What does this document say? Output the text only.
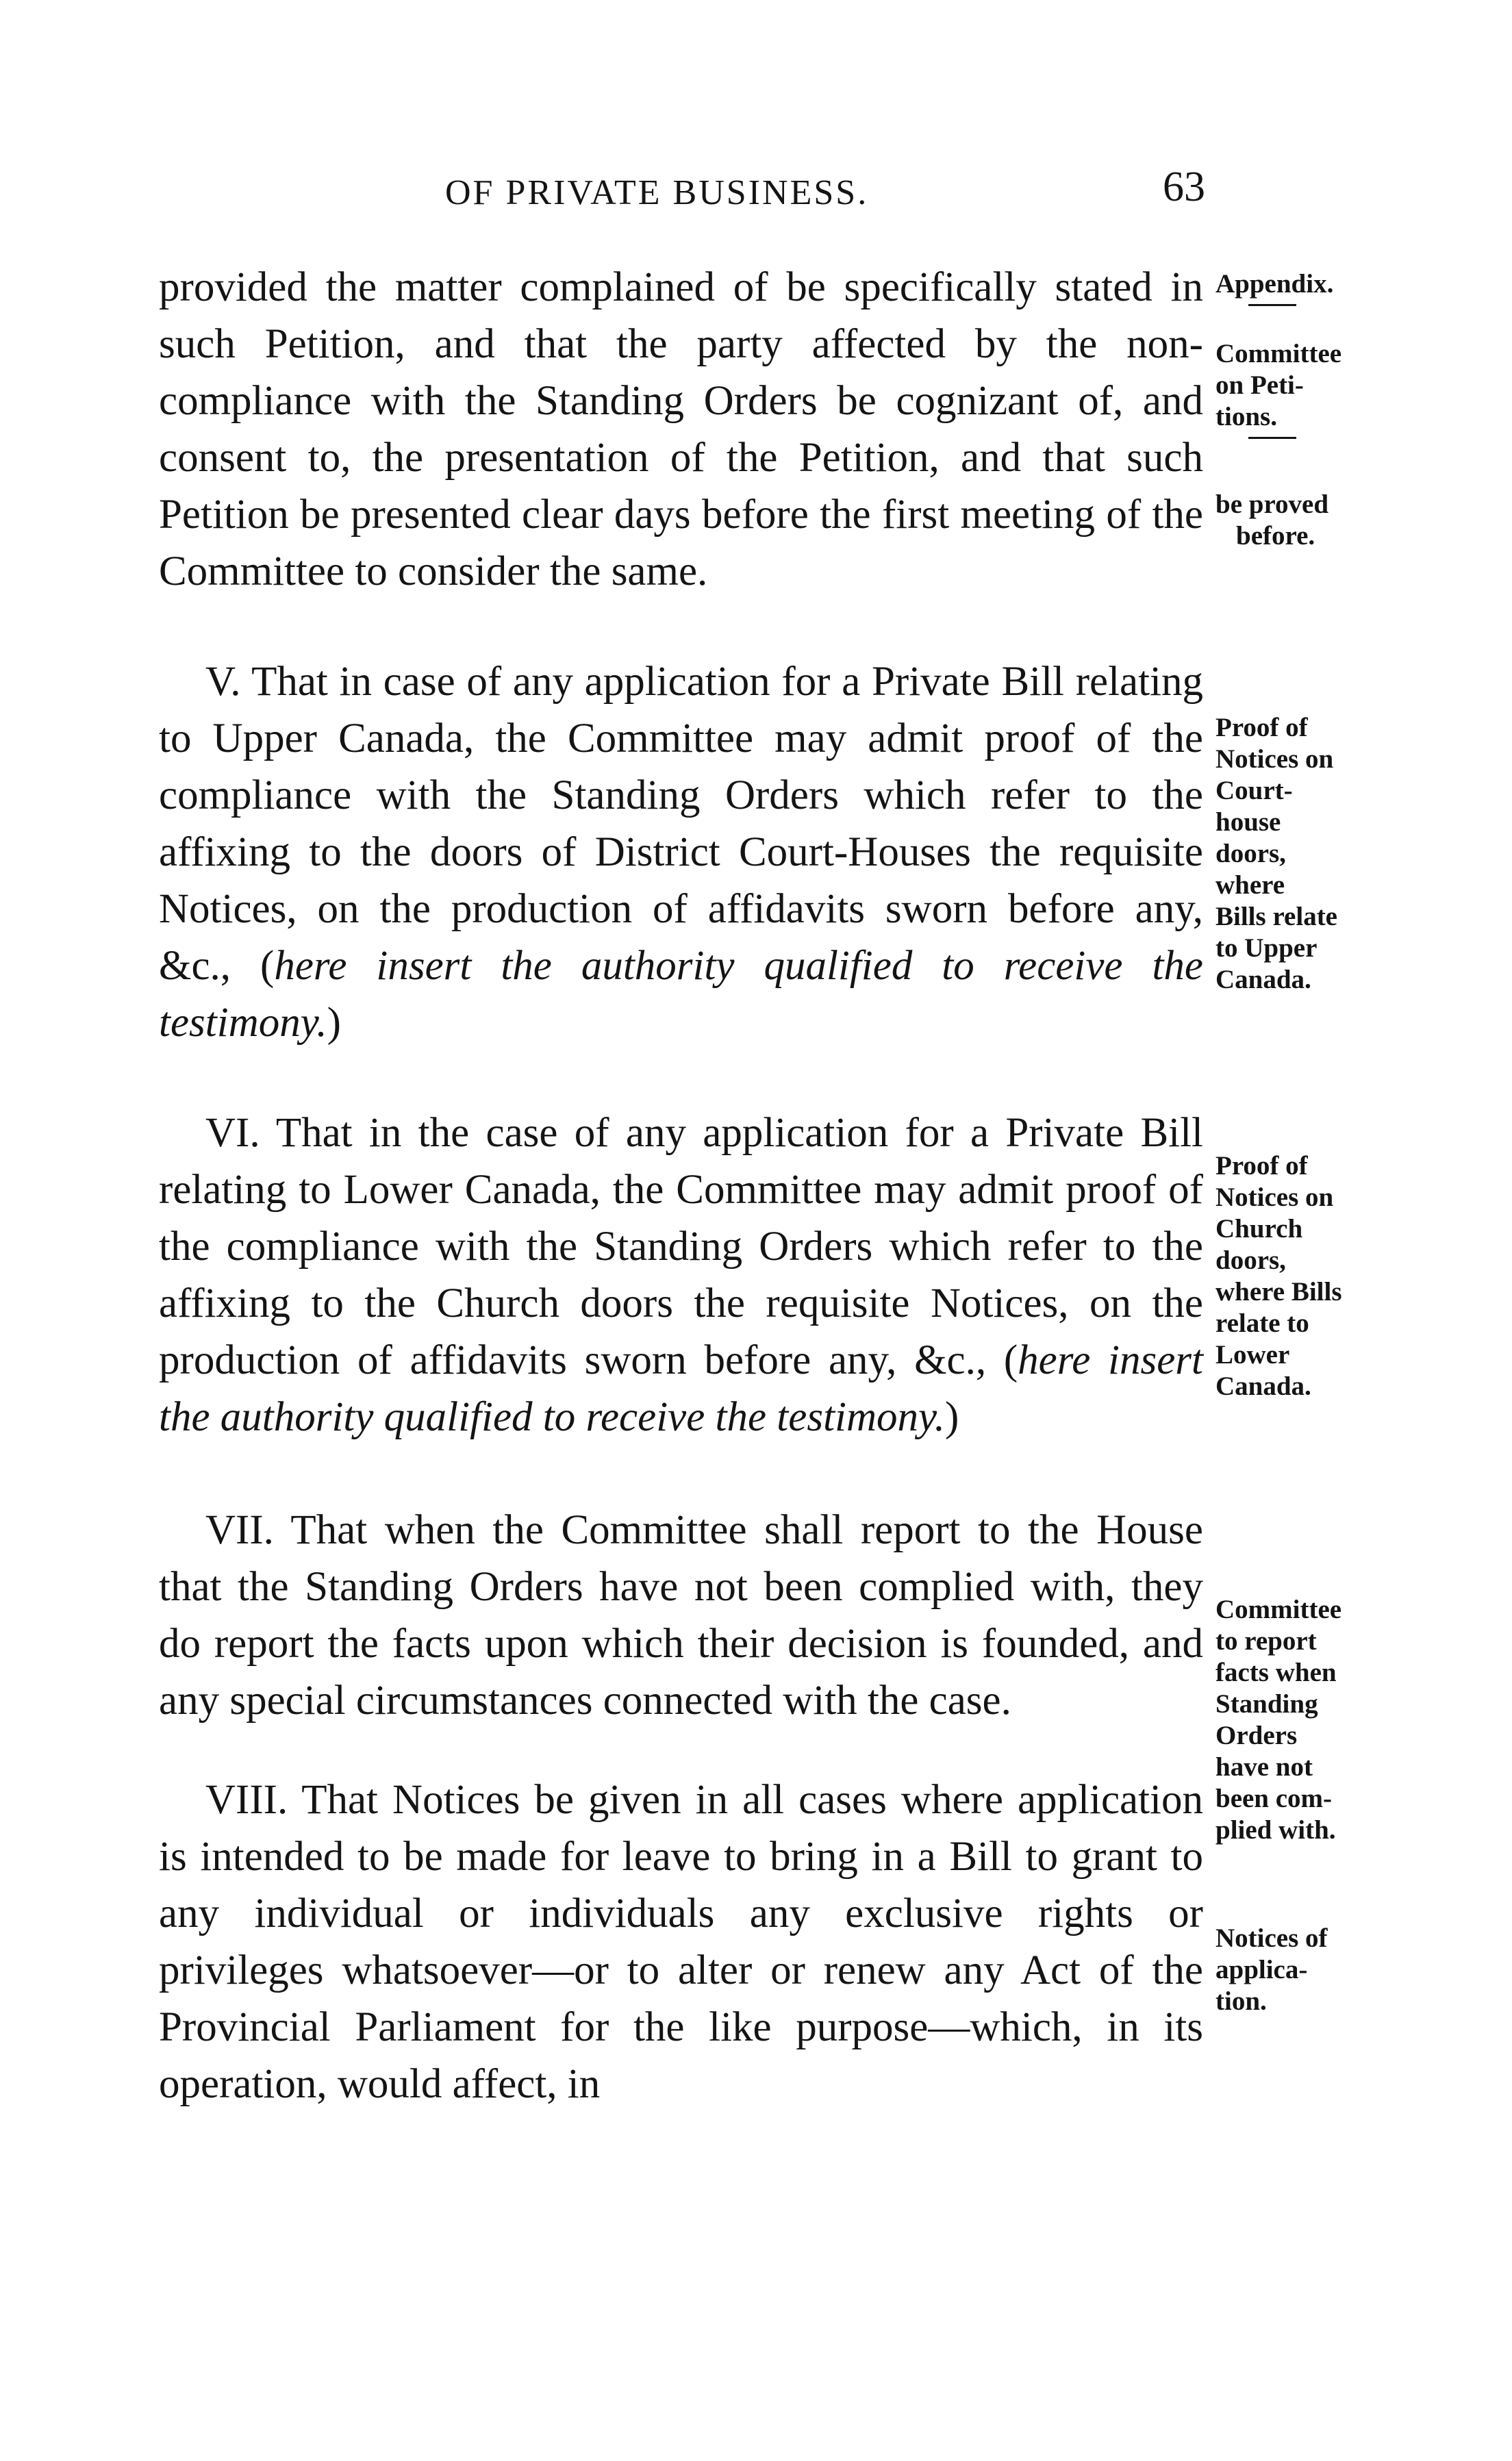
OF PRIVATE BUSINESS.	63

provided the matter complained of be specifically stated in such Petition, and that the party affected by the non-compliance with the Standing Orders be cognizant of, and consent to, the presentation of the Petition, and that such Petition be presented clear days before the first meeting of the Committee to consider the same.

V. That in case of any application for a Private Bill relating to Upper Canada, the Committee may admit proof of the compliance with the Standing Orders which refer to the affixing to the doors of District Court-Houses the requisite Notices, on the production of affidavits sworn before any, &c., (here insert the authority qualified to receive the testimony.)

VI. That in the case of any application for a Private Bill relating to Lower Canada, the Committee may admit proof of the compliance with the Standing Orders which refer to the affixing to the Church doors the requisite Notices, on the production of affidavits sworn before any, &c., (here insert the authority qualified to receive the testimony.)

VII. That when the Committee shall report to the House that the Standing Orders have not been complied with, they do report the facts upon which their decision is founded, and any special circumstances connected with the case.

VIII. That Notices be given in all cases where application is intended to be made for leave to bring in a Bill to grant to any individual or individuals any exclusive rights or privileges whatsoever—or to alter or renew any Act of the Provincial Parliament for the like purpose—which, in its operation, would affect, in

Appendix.
Committee
on Peti-
tions.
be proved
before.
Proof of
Notices on
Court-
house
doors,
where
Bills relate
to Upper
Canada.
Proof of
Notices on
Church
doors,
where Bills
relate to
Lower
Canada.
Committee
to report
facts when
Standing
Orders
have not
been com-
plied with.
Notices of
applica-
tion.
